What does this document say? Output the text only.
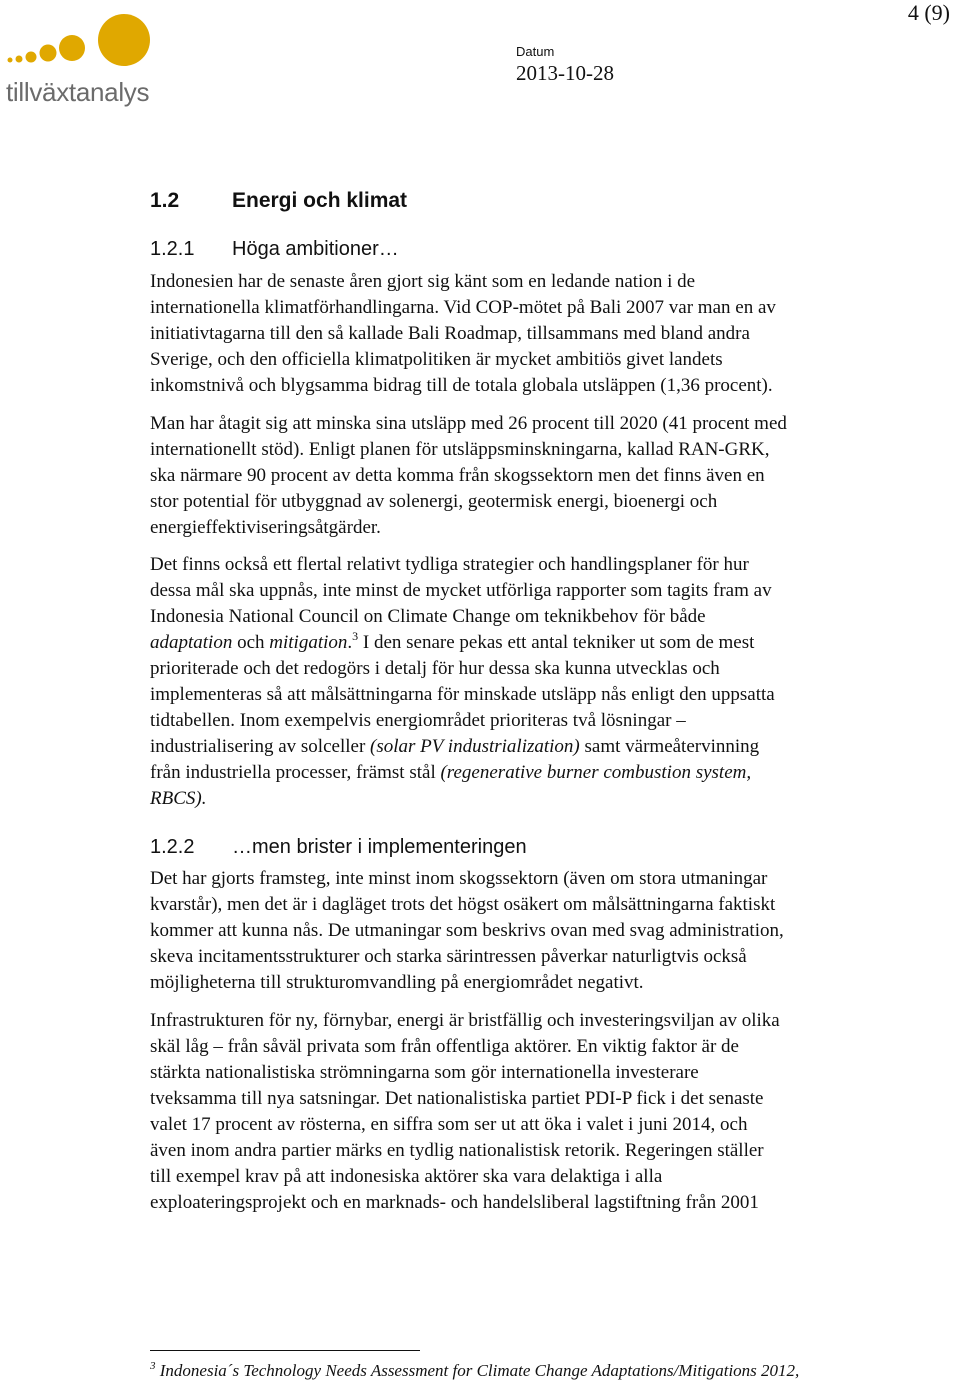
4 (9)
tillväxtanalys
Datum
2013-10-28
1.2	Energi och klimat
1.2.1 Höga ambitioner…

Indonesien har de senaste åren gjort sig känt som en ledande nation i de
internationella klimatförhandlingarna. Vid COP-mötet på Bali 2007 var man en av
initiativtagarna till den så kallade Bali Roadmap, tillsammans med bland andra
Sverige, och den officiella klimatpolitiken är mycket ambitiös givet landets
inkomstnivå och blygsamma bidrag till de totala globala utsläppen (1,36 procent).

Man har åtagit sig att minska sina utsläpp med 26 procent till 2020 (41 procent med
internationellt stöd). Enligt planen för utsläppsminskningarna, kallad RAN-GRK,
ska närmare 90 procent av detta komma från skogssektorn men det finns även en
stor potential för utbyggnad av solenergi, geotermisk energi, bioenergi och
energieffektiviseringsåtgärder.

Det finns också ett flertal relativt tydliga strategier och handlingsplaner för hur
dessa mål ska uppnås, inte minst de mycket utförliga rapporter som tagits fram av
Indonesia National Council on Climate Change om teknikbehov för både
adaptation och mitigation.$^3$ I den senare pekas ett antal tekniker ut som de mest
prioriterade och det redogörs i detalj för hur dessa ska kunna utvecklas och
implementeras så att målsättningarna för minskade utsläpp nås enligt den uppsatta
tidtabellen. Inom exempelvis energiområdet prioriteras två lösningar –
industrialisering av solceller (solar PV industrialization) samt värmeåtervinning
från industriella processer, främst stål (regenerative burner combustion system,
RBCS).

1.2.2 …men brister i implementeringen

Det har gjorts framsteg, inte minst inom skogssektorn (även om stora utmaningar
kvarstår), men det är i dagläget trots det högst osäkert om målsättningarna faktiskt
kommer att kunna nås. De utmaningar som beskrivs ovan med svag administration,
skeva incitamentsstrukturer och starka särintressen påverkar naturligtvis också
möjligheterna till strukturomvandling på energiområdet negativt.

Infrastrukturen för ny, förnybar, energi är bristfällig och investeringsviljan av olika
skäl låg – från såväl privata som från offentliga aktörer. En viktig faktor är de
stärkta nationalistiska strömningarna som gör internationella investerare
tveksamma till nya satsningar. Det nationalistiska partiet PDI-P fick i det senaste
valet 17 procent av rösterna, en siffra som ser ut att öka i valet i juni 2014, och
även inom andra partier märks en tydlig nationalistisk retorik. Regeringen ställer
till exempel krav på att indonesiska aktörer ska vara delaktiga i alla
exploateringsprojekt och en marknads- och handelsliberal lagstiftning från 2001

$^3$ Indonesia´s Technology Needs Assessment for Climate Change Adaptations/Mitigations 2012,
